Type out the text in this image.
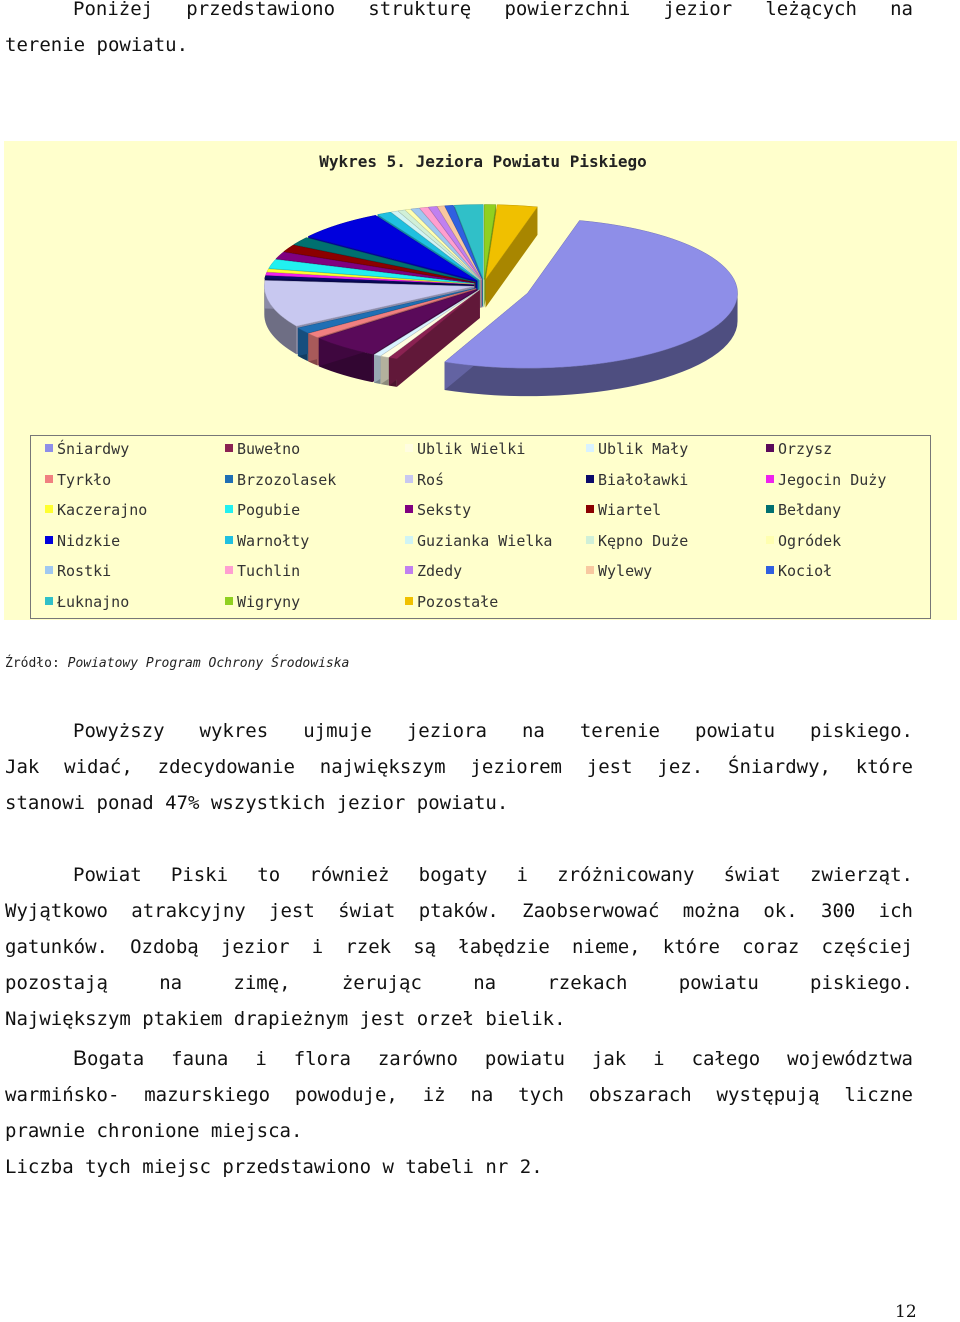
Poniżej przedstawiono strukturę powierzchni jezior leżących na
terenie powiatu.
Wykres 5. Jeziora Powiatu Piskiego
Śniardwy	Buwełno	Ublik Wielki	Ublik Mały	Orzysz
Tyrkło	Brzozolasek	Roś	Białoławki	Jegocin Duży
Kaczerajno	Pogubie	Seksty	Wiartel	Bełdany
Nidzkie	Warnołty	Guzianka Wielka	Kępno Duże	Ogródek
Rostki	Tuchlin	Zdedy	Wylewy	Kocioł
Łuknajno	Wigryny	Pozostałe
Źródło: Powiatowy Program Ochrony Środowiska
Powyższy wykres ujmuje jeziora na terenie powiatu piskiego.
Jak widać, zdecydowanie największym jeziorem jest jez. Śniardwy, które
stanowi ponad 47% wszystkich jezior powiatu.
Powiat Piski to również bogaty i zróżnicowany świat zwierząt.
Wyjątkowo atrakcyjny jest świat ptaków. Zaobserwować można ok. 300 ich
gatunków. Ozdobą jezior i rzek są łabędzie nieme, które coraz częściej
pozostają na zimę, żerując na rzekach powiatu piskiego.
Największym ptakiem drapieżnym jest orzeł bielik.
Bogata fauna i flora zarówno powiatu jak i całego województwa
warmińsko- mazurskiego powoduje, iż na tych obszarach występują liczne
prawnie chronione miejsca.
Liczba tych miejsc przedstawiono w tabeli nr 2.
12
